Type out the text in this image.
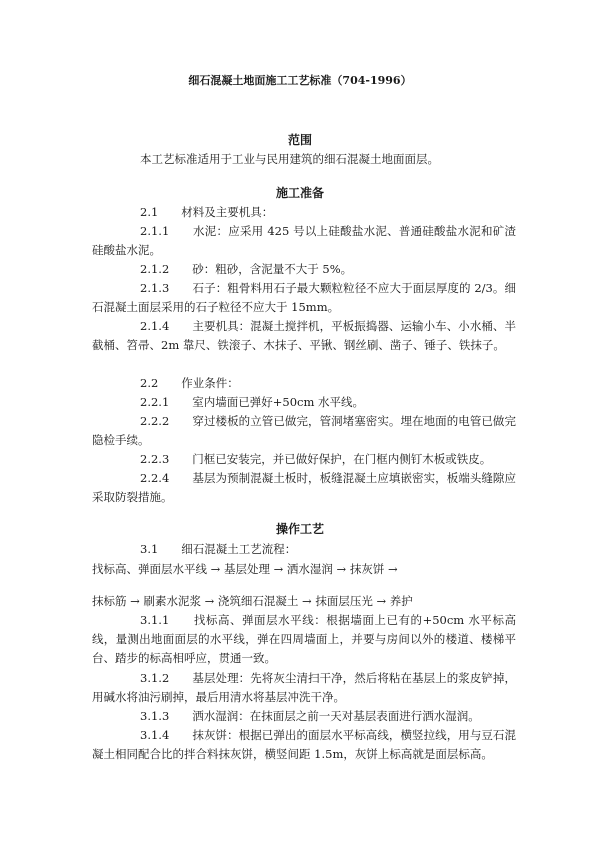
细石混凝土地面施工工艺标准（704-1996）
范围

本工艺标准适用于工业与民用建筑的细石混凝土地面面层。

施工准备

2.1　　材料及主要机具：

2.1.1　　水泥：应采用 425 号以上硅酸盐水泥、普通硅酸盐水泥和矿渣硅酸盐水泥。

2.1.2　　砂：粗砂，含泥量不大于 5%。

2.1.3　　石子：粗骨料用石子最大颗粒粒径不应大于面层厚度的 2/3。细石混凝土面层采用的石子粒径不应大于 15mm。

2.1.4　　主要机具：混凝土搅拌机，平板振捣器、运输小车、小水桶、半截桶、笤帚、2m 靠尺、铁滚子、木抹子、平锹、钢丝刷、凿子、锤子、铁抹子。

2.2　　作业条件：

2.2.1　　室内墙面已弹好+50cm 水平线。

2.2.2　　穿过楼板的立管已做完，管洞堵塞密实。埋在地面的电管已做完隐检手续。

2.2.3　　门框已安装完，并已做好保护，在门框内侧钉木板或铁皮。

2.2.4　　基层为预制混凝土板时，板缝混凝土应填嵌密实，板端头缝隙应采取防裂措施。

操作工艺

3.1　　细石混凝土工艺流程：

找标高、弹面层水平线 → 基层处理 → 洒水湿润 → 抹灰饼 →

抹标筋 → 刷素水泥浆 → 浇筑细石混凝土 → 抹面层压光 → 养护

3.1.1　　找标高、弹面层水平线：根据墙面上已有的+50cm 水平标高线，量测出地面面层的水平线，弹在四周墙面上，并要与房间以外的楼道、楼梯平台、踏步的标高相呼应，贯通一致。

3.1.2　　基层处理：先将灰尘清扫干净，然后将粘在基层上的浆皮铲掉，用碱水将油污刷掉，最后用清水将基层冲洗干净。

3.1.3　　洒水湿润：在抹面层之前一天对基层表面进行洒水湿润。

3.1.4　　抹灰饼：根据已弹出的面层水平标高线，横竖拉线，用与豆石混凝土相同配合比的拌合料抹灰饼，横竖间距 1.5m，灰饼上标高就是面层标高。
